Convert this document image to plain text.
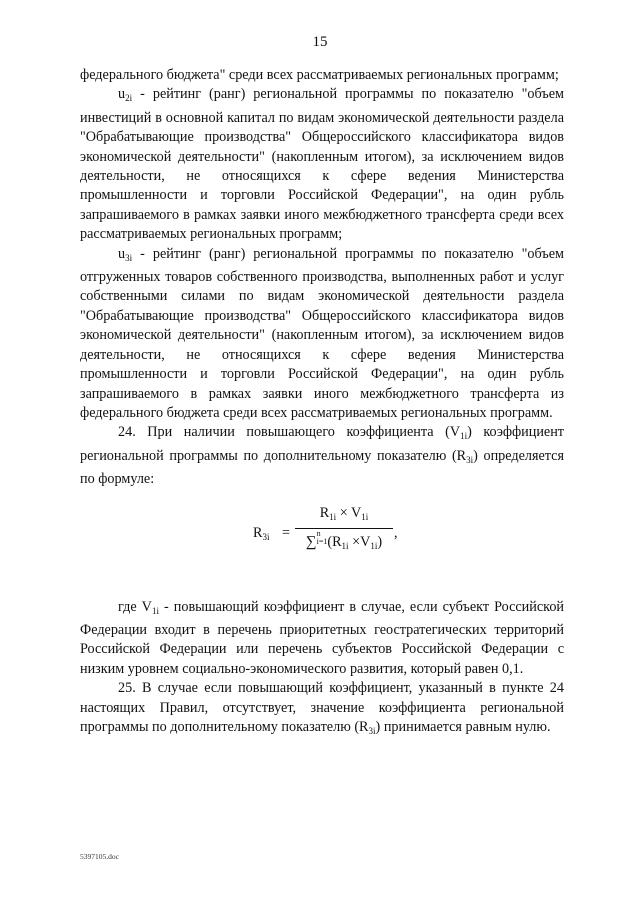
15

федерального бюджета" среди всех рассматриваемых региональных программ;

$u_{2i}$ - рейтинг (ранг) региональной программы по показателю "объем инвестиций в основной капитал по видам экономической деятельности раздела "Обрабатывающие производства" Общероссийского классификатора видов экономической деятельности" (накопленным итогом), за исключением видов деятельности, не относящихся к сфере ведения Министерства промышленности и торговли Российской Федерации", на один рубль запрашиваемого в рамках заявки иного межбюджетного трансферта среди всех рассматриваемых региональных программ;

$u_{3i}$ - рейтинг (ранг) региональной программы по показателю "объем отгруженных товаров собственного производства, выполненных работ и услуг собственными силами по видам экономической деятельности раздела "Обрабатывающие производства" Общероссийского классификатора видов экономической деятельности" (накопленным итогом), за исключением видов деятельности, не относящихся к сфере ведения Министерства промышленности и торговли Российской Федерации", на один рубль запрашиваемого в рамках заявки иного межбюджетного трансферта из федерального бюджета среди всех рассматриваемых региональных программ.

24. При наличии повышающего коэффициента $(V_{1i})$ коэффициент региональной программы по дополнительному показателю $(R_{3i})$ определяется по формуле:

$R_{3i}$ =
$R_{1i} \times V_{1i}$
∑n
$i=1(R_{1i} \times V_{1i})$
,

где $V_{1i}$ - повышающий коэффициент в случае, если субъект Российской Федерации входит в перечень приоритетных геостратегических территорий Российской Федерации или перечень субъектов Российской Федерации с низким уровнем социально-экономического развития, который равен 0,1.

25. В случае если повышающий коэффициент, указанный в пункте 24 настоящих Правил, отсутствует, значение коэффициента региональной программы по дополнительному показателю $(R_{3i})$ принимается равным нулю.

5397105.doc
